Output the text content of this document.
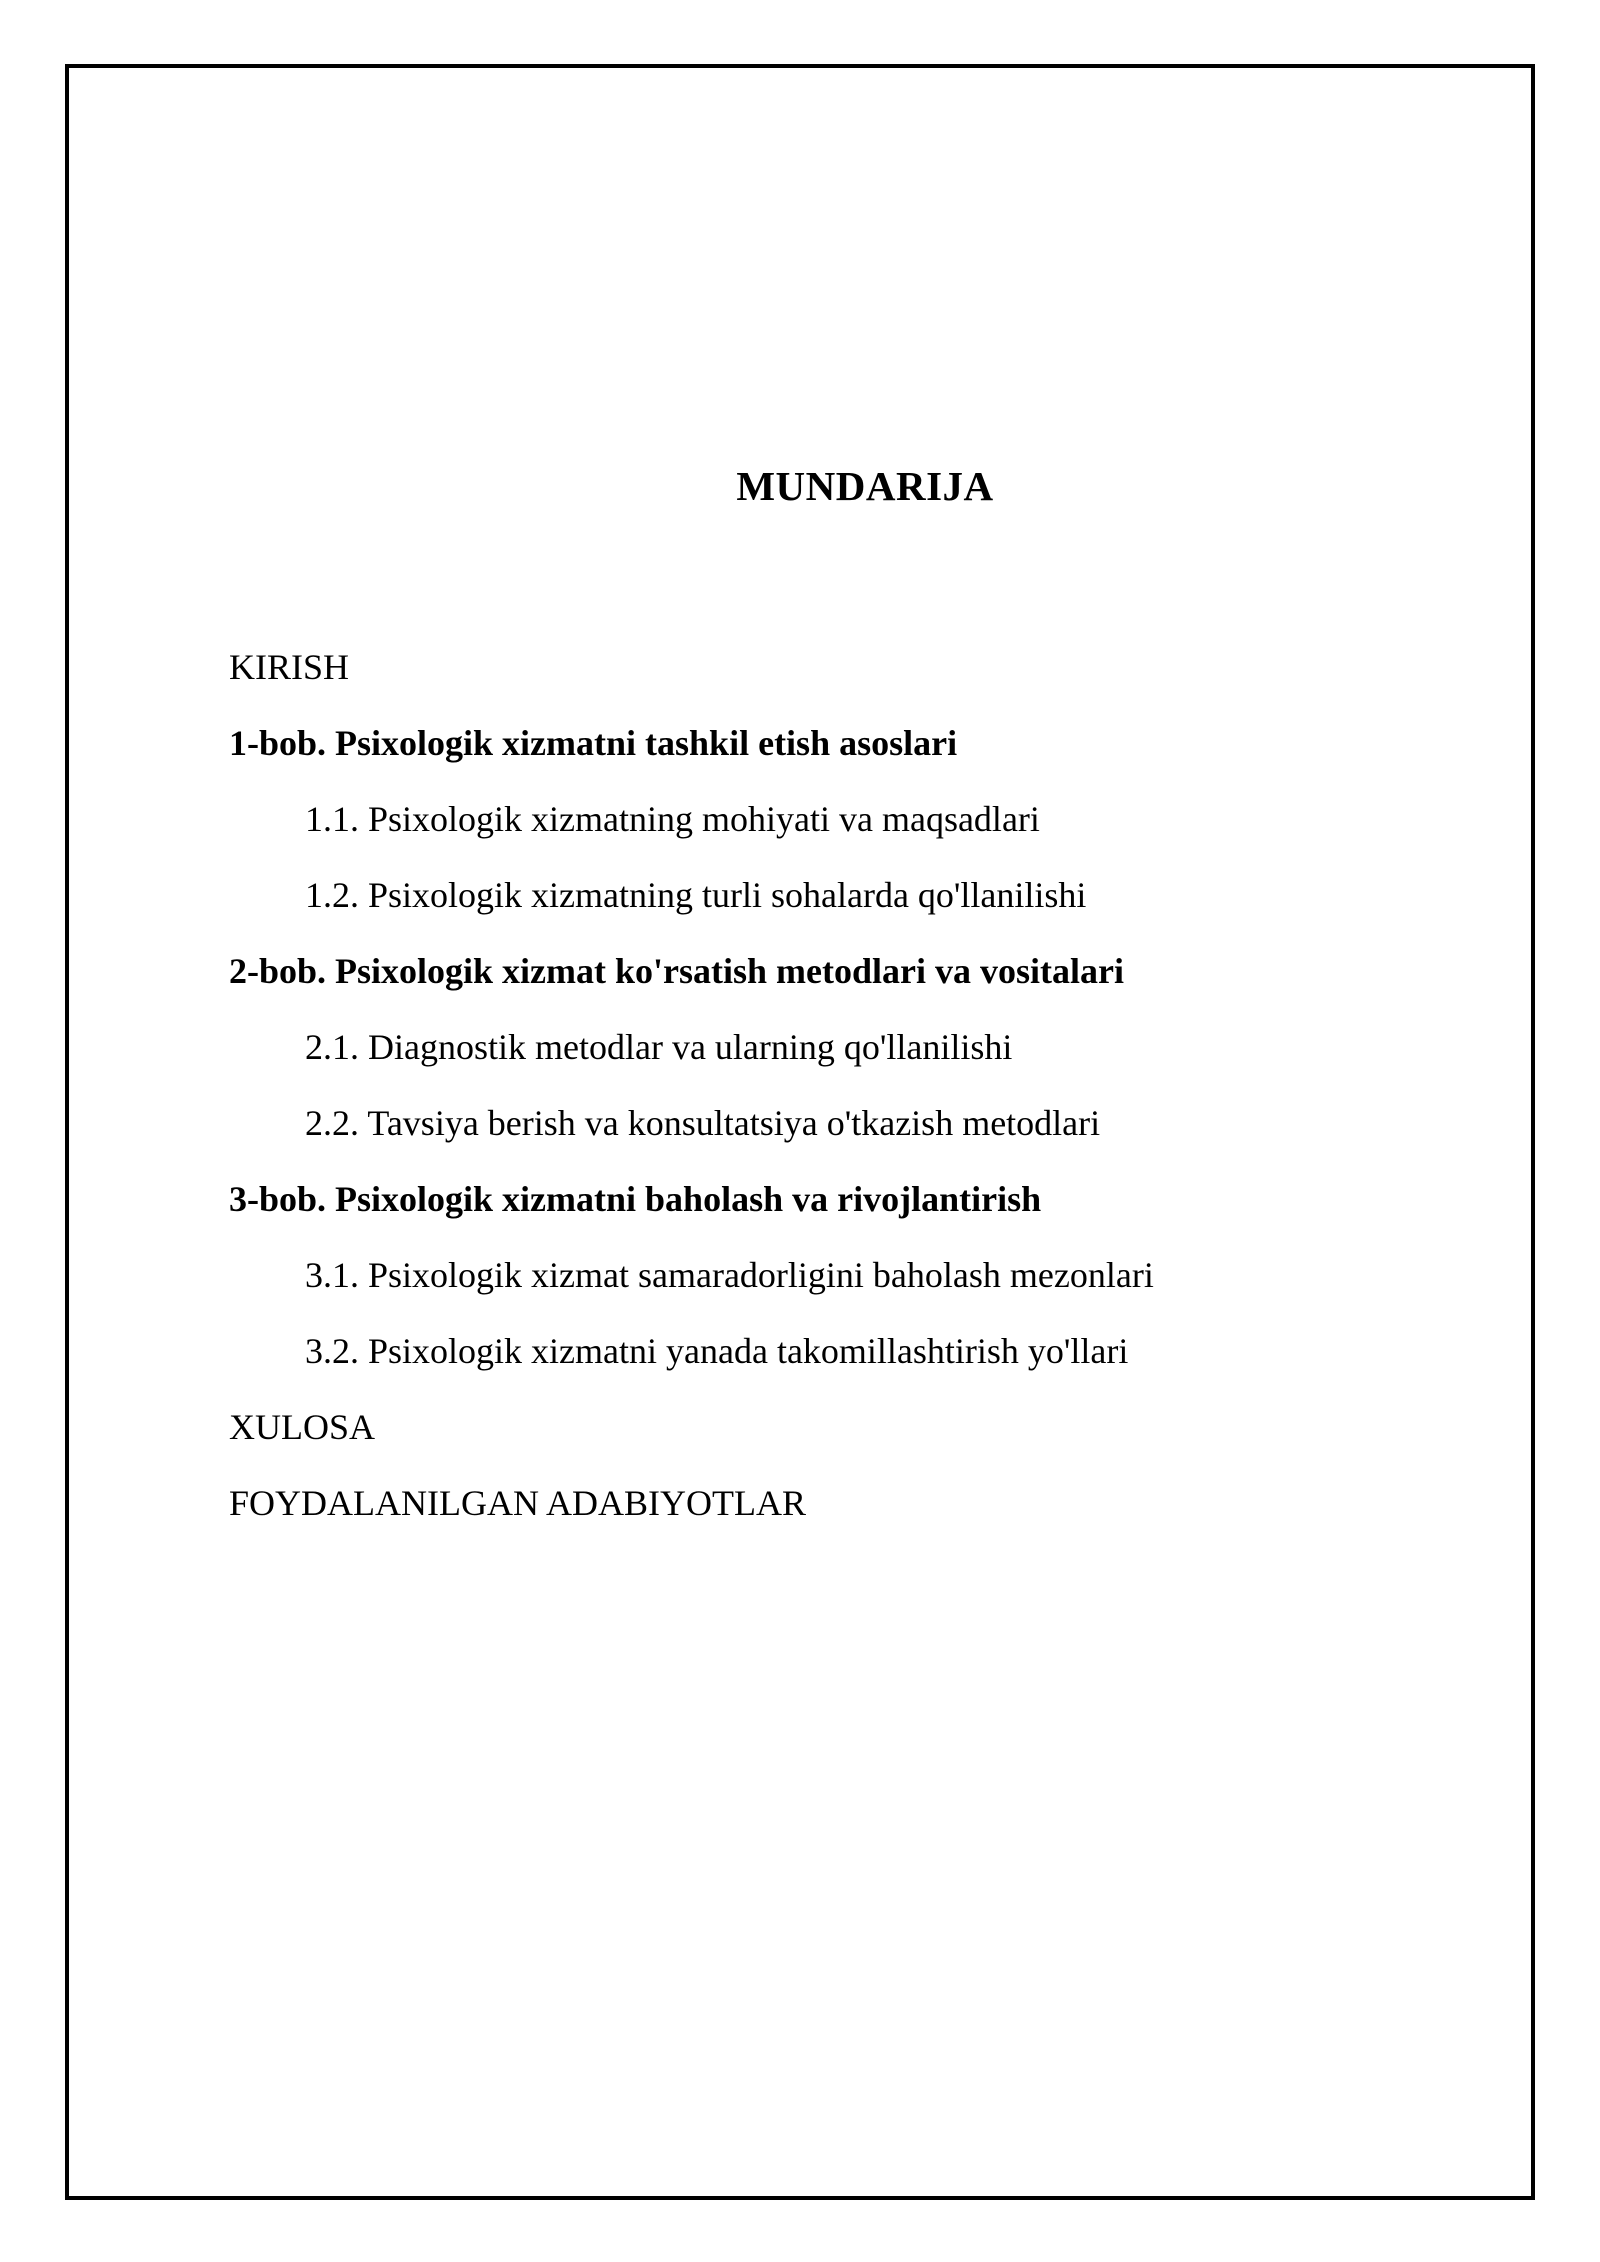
MUNDARIJA
KIRISH
1-bob. Psixologik xizmatni tashkil etish asoslari
1.1. Psixologik xizmatning mohiyati va maqsadlari
1.2. Psixologik xizmatning turli sohalarda qo'llanilishi
2-bob. Psixologik xizmat ko'rsatish metodlari va vositalari
2.1. Diagnostik metodlar va ularning qo'llanilishi
2.2. Tavsiya berish va konsultatsiya o'tkazish metodlari
3-bob. Psixologik xizmatni baholash va rivojlantirish
3.1. Psixologik xizmat samaradorligini baholash mezonlari
3.2. Psixologik xizmatni yanada takomillashtirish yo'llari
XULOSA
FOYDALANILGAN ADABIYOTLAR
